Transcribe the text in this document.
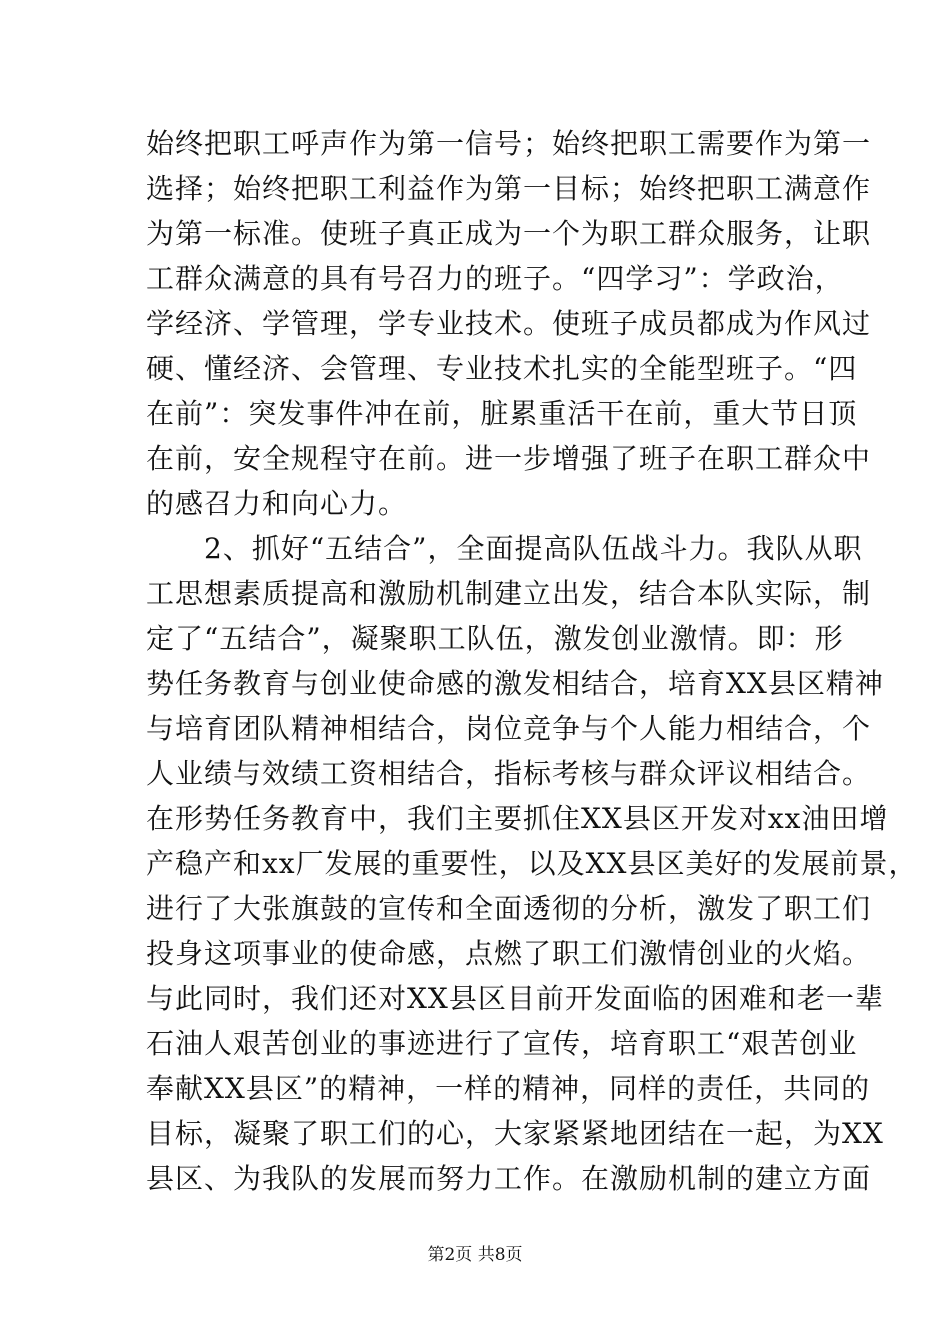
始终把职工呼声作为第一信号；始终把职工需要作为第一
选择；始终把职工利益作为第一目标；始终把职工满意作
为第一标准。使班子真正成为一个为职工群众服务，让职
工群众满意的具有号召力的班子。“四学习”：学政治，
学经济、学管理，学专业技术。使班子成员都成为作风过
硬、懂经济、会管理、专业技术扎实的全能型班子。“四
在前”：突发事件冲在前，脏累重活干在前，重大节日顶
在前，安全规程守在前。进一步增强了班子在职工群众中
的感召力和向心力。
　　2、抓好“五结合”，全面提高队伍战斗力。我队从职
工思想素质提高和激励机制建立出发，结合本队实际，制
定了“五结合”，凝聚职工队伍，激发创业激情。即：形
势任务教育与创业使命感的激发相结合，培育XX县区精神
与培育团队精神相结合，岗位竞争与个人能力相结合，个
人业绩与效绩工资相结合，指标考核与群众评议相结合。
在形势任务教育中，我们主要抓住XX县区开发对xx油田增
产稳产和xx厂发展的重要性，以及XX县区美好的发展前景，
进行了大张旗鼓的宣传和全面透彻的分析，激发了职工们
投身这项事业的使命感，点燃了职工们激情创业的火焰。
与此同时，我们还对XX县区目前开发面临的困难和老一辈
石油人艰苦创业的事迹进行了宣传，培育职工“艰苦创业
奉献XX县区”的精神，一样的精神，同样的责任，共同的
目标，凝聚了职工们的心，大家紧紧地团结在一起，为XX
县区、为我队的发展而努力工作。在激励机制的建立方面
第2页 共8页
